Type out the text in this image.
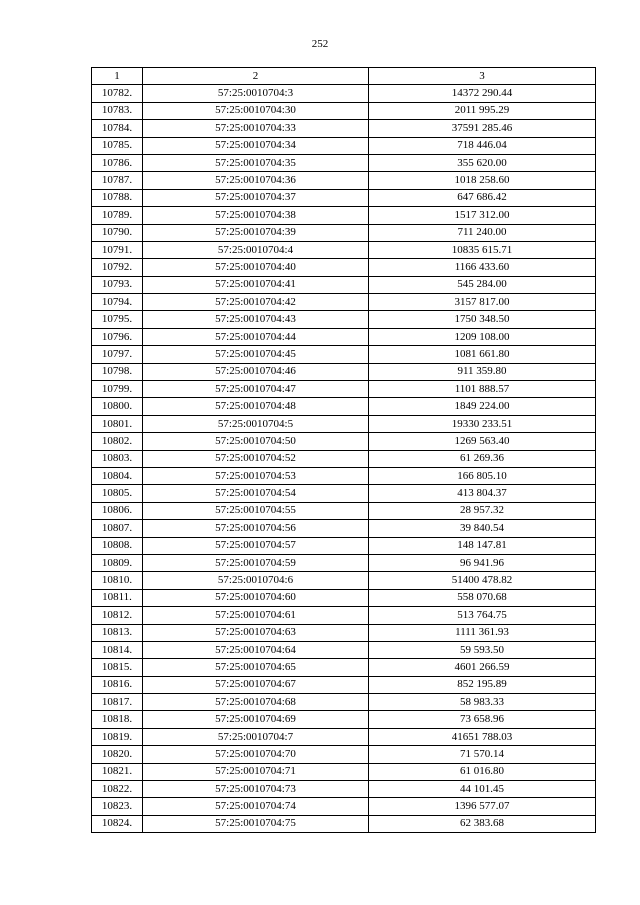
252
1	2	3
10782.	57:25:0010704:3	14372 290.44
10783.	57:25:0010704:30	2011 995.29
10784.	57:25:0010704:33	37591 285.46
10785.	57:25:0010704:34	718 446.04
10786.	57:25:0010704:35	355 620.00
10787.	57:25:0010704:36	1018 258.60
10788.	57:25:0010704:37	647 686.42
10789.	57:25:0010704:38	1517 312.00
10790.	57:25:0010704:39	711 240.00
10791.	57:25:0010704:4	10835 615.71
10792.	57:25:0010704:40	1166 433.60
10793.	57:25:0010704:41	545 284.00
10794.	57:25:0010704:42	3157 817.00
10795.	57:25:0010704:43	1750 348.50
10796.	57:25:0010704:44	1209 108.00
10797.	57:25:0010704:45	1081 661.80
10798.	57:25:0010704:46	911 359.80
10799.	57:25:0010704:47	1101 888.57
10800.	57:25:0010704:48	1849 224.00
10801.	57:25:0010704:5	19330 233.51
10802.	57:25:0010704:50	1269 563.40
10803.	57:25:0010704:52	61 269.36
10804.	57:25:0010704:53	166 805.10
10805.	57:25:0010704:54	413 804.37
10806.	57:25:0010704:55	28 957.32
10807.	57:25:0010704:56	39 840.54
10808.	57:25:0010704:57	148 147.81
10809.	57:25:0010704:59	96 941.96
10810.	57:25:0010704:6	51400 478.82
10811.	57:25:0010704:60	558 070.68
10812.	57:25:0010704:61	513 764.75
10813.	57:25:0010704:63	1111 361.93
10814.	57:25:0010704:64	59 593.50
10815.	57:25:0010704:65	4601 266.59
10816.	57:25:0010704:67	852 195.89
10817.	57:25:0010704:68	58 983.33
10818.	57:25:0010704:69	73 658.96
10819.	57:25:0010704:7	41651 788.03
10820.	57:25:0010704:70	71 570.14
10821.	57:25:0010704:71	61 016.80
10822.	57:25:0010704:73	44 101.45
10823.	57:25:0010704:74	1396 577.07
10824.	57:25:0010704:75	62 383.68
